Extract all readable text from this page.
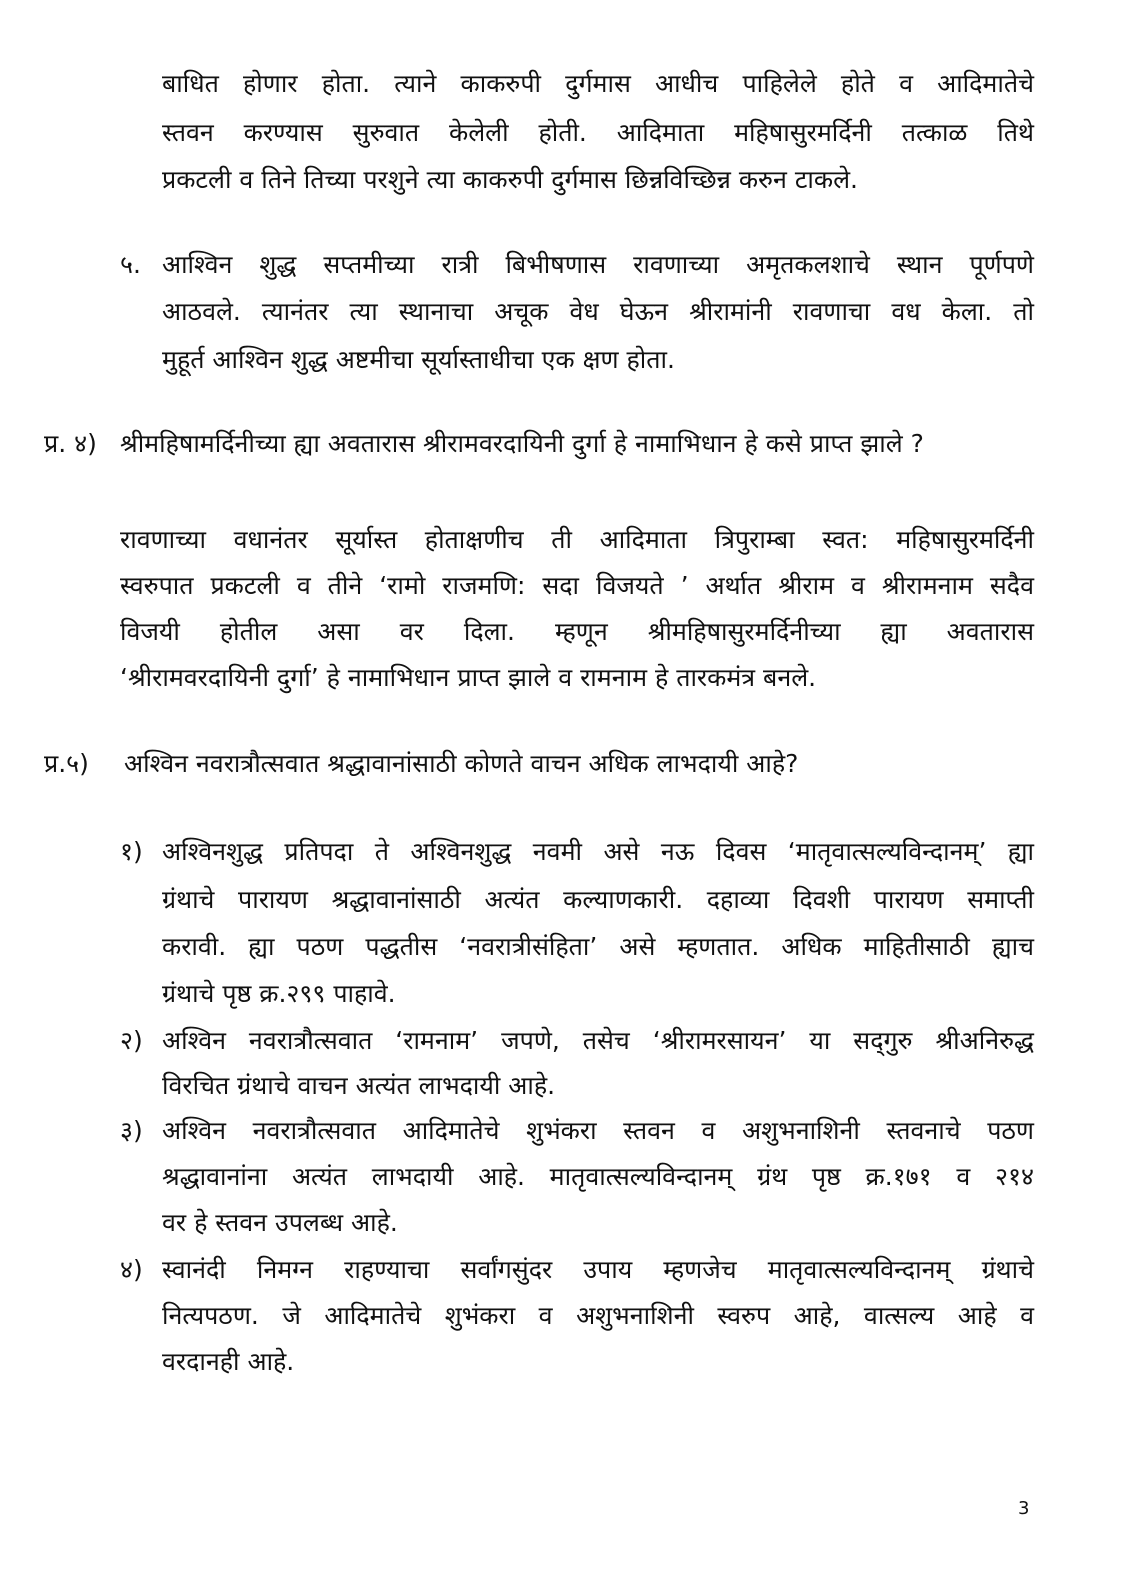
बाधित होणार होता. त्याने काकरुपी दुर्गमास आधीच पाहिलेले होते व आदिमातेचे
स्तवन करण्यास सुरुवात केलेली होती. आदिमाता महिषासुरमर्दिनी तत्काळ तिथे
प्रकटली व तिने तिच्या परशुने त्या काकरुपी दुर्गमास छिन्नविच्छिन्न करुन टाकले.
५. आश्विन शुद्ध सप्तमीच्या रात्री बिभीषणास रावणाच्या अमृतकलशाचे स्थान पूर्णपणे
आठवले. त्यानंतर त्या स्थानाचा अचूक वेध घेऊन श्रीरामांनी रावणाचा वध केला. तो
मुहूर्त आश्विन शुद्ध अष्टमीचा सूर्यास्ताधीचा एक क्षण होता.
प्र. ४) श्रीमहिषामर्दिनीच्या ह्या अवतारास श्रीरामवरदायिनी दुर्गा हे नामाभिधान हे कसे प्राप्त झाले ?
रावणाच्या वधानंतर सूर्यास्त होताक्षणीच ती आदिमाता त्रिपुराम्बा स्वत: महिषासुरमर्दिनी
स्वरुपात प्रकटली व तीने ‘रामो राजमणि: सदा विजयते ’ अर्थात श्रीराम व श्रीरामनाम सदैव
विजयी होतील असा वर दिला. म्हणून श्रीमहिषासुरमर्दिनीच्या ह्या अवतारास
‘श्रीरामवरदायिनी दुर्गा’ हे नामाभिधान प्राप्त झाले व रामनाम हे तारकमंत्र बनले.
प्र.५) अश्विन नवरात्रौत्सवात श्रद्धावानांसाठी कोणते वाचन अधिक लाभदायी आहे?
१) अश्विनशुद्ध प्रतिपदा ते अश्विनशुद्ध नवमी असे नऊ दिवस ‘मातृवात्सल्यविन्दानम्’ ह्या
ग्रंथाचे पारायण श्रद्धावानांसाठी अत्यंत कल्याणकारी. दहाव्या दिवशी पारायण समाप्ती
करावी. ह्या पठण पद्धतीस ‘नवरात्रीसंहिता’ असे म्हणतात. अधिक माहितीसाठी ह्याच
ग्रंथाचे पृष्ठ क्र.२९९ पाहावे.
२) अश्विन नवरात्रौत्सवात ‘रामनाम’ जपणे, तसेच ‘श्रीरामरसायन’ या सद्‌गुरु श्रीअनिरुद्ध
विरचित ग्रंथाचे वाचन अत्यंत लाभदायी आहे.
३) अश्विन नवरात्रौत्सवात आदिमातेचे शुभंकरा स्तवन व अशुभनाशिनी स्तवनाचे पठण
श्रद्धावानांना अत्यंत लाभदायी आहे. मातृवात्सल्यविन्दानम् ग्रंथ पृष्ठ क्र.१७१ व २१४
वर हे स्तवन उपलब्ध आहे.
४) स्वानंदी निमग्न राहण्याचा सर्वांगसुंदर उपाय म्हणजेच मातृवात्सल्यविन्दानम् ग्रंथाचे
नित्यपठण. जे आदिमातेचे शुभंकरा व अशुभनाशिनी स्वरुप आहे, वात्सल्य आहे व
वरदानही आहे.
3
